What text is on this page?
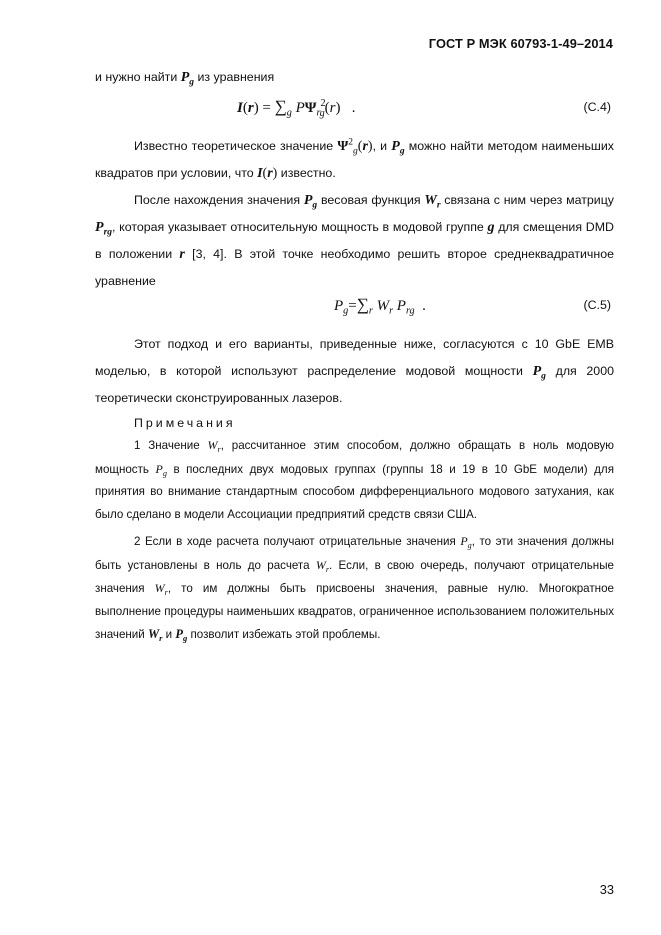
ГОСТ Р МЭК 60793-1-49–2014

и нужно найти $P_g$ из уравнения

$I(r) = \sum_g$ $P\Psi_r^2_g(r)$   .	(С.4)

Известно теоретическое значение $\Psi^2_g(r)$, и $P_g$ можно найти методом наименьших квадратов при условии, что I(r) известно.

После нахождения значения $P_g$ весовая функция $W_r$ связана с ним через матрицу $P_{rg}$, которая указывает относительную мощность в модовой группе g для смещения DMD в положении r [3, 4]. В этой точке необходимо решить второе среднеквадратичное уравнение

$P_g=\sum_r$ $W_r$ $P_{rg}$  .	(С.5)

Этот подход и его варианты, приведенные ниже, согласуются с 10 GbE EMB моделью, в которой используют распределение модовой мощности $P_g$ для 2000 теоретически сконструированных лазеров.

Примечания

1 Значение $W_r$, рассчитанное этим способом, должно обращать в ноль модовую мощность $P_g$ в последних двух модовых группах (группы 18 и 19 в 10 GbE модели) для принятия во внимание стандартным способом дифференциального модового затухания, как было сделано в модели Ассоциации предприятий средств связи США.

2 Если в ходе расчета получают отрицательные значения $P_g$, то эти значения должны быть установлены в ноль до расчета $W_r$. Если, в свою очередь, получают отрицательные значения $W_r$, то им должны быть присвоены значения, равные нулю. Многократное выполнение процедуры наименьших квадратов, ограниченное использованием положительных значений $W_r$ и $P_g$ позволит избежать этой проблемы.

33
